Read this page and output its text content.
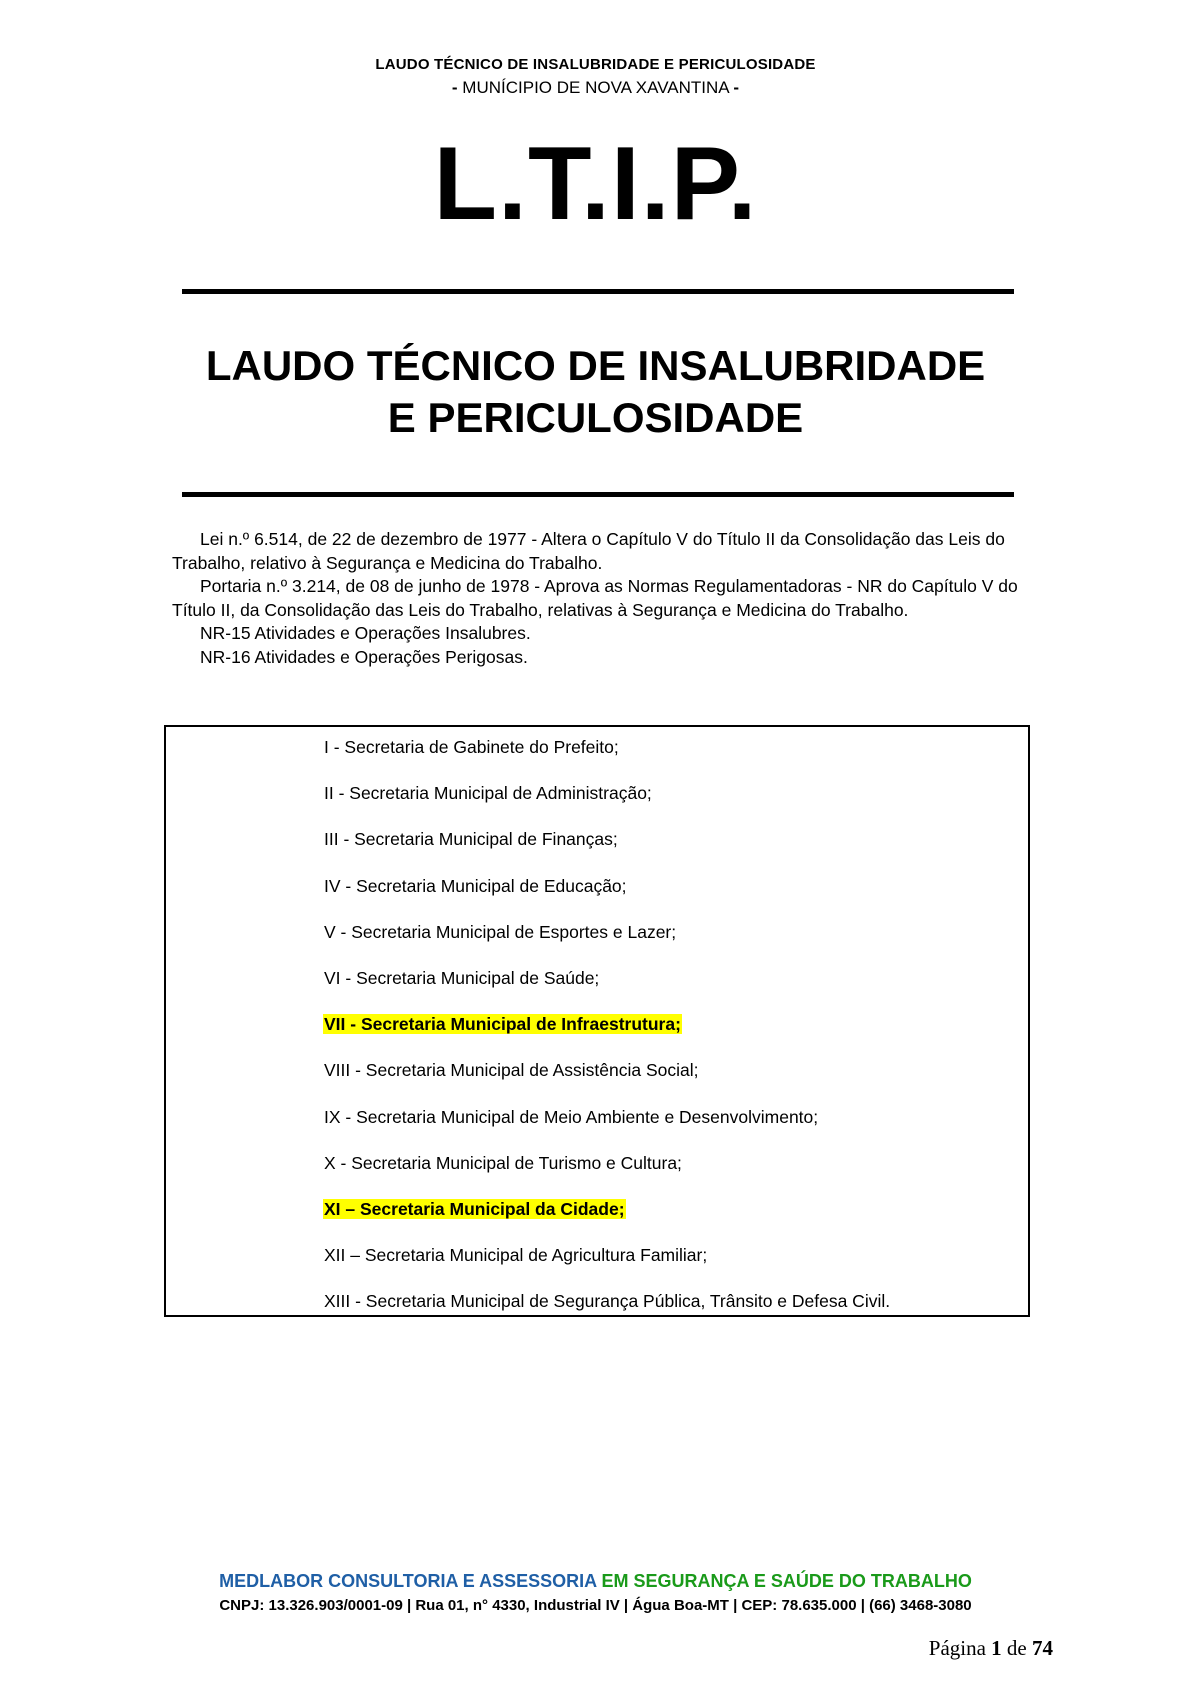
LAUDO TÉCNICO DE INSALUBRIDADE E PERICULOSIDADE
- MUNÍCIPIO DE NOVA XAVANTINA -
L.T.I.P.
LAUDO TÉCNICO DE INSALUBRIDADE
E PERICULOSIDADE

Lei n.º 6.514, de 22 de dezembro de 1977 - Altera o Capítulo V do Título II da Consolidação das Leis do Trabalho, relativo à Segurança e Medicina do Trabalho.

Portaria n.º 3.214, de 08 de junho de 1978 - Aprova as Normas Regulamentadoras - NR do Capítulo V do Título II, da Consolidação das Leis do Trabalho, relativas à Segurança e Medicina do Trabalho.

NR-15 Atividades e Operações Insalubres.

NR-16 Atividades e Operações Perigosas.

I - Secretaria de Gabinete do Prefeito;
II - Secretaria Municipal de Administração;
III - Secretaria Municipal de Finanças;
IV - Secretaria Municipal de Educação;
V - Secretaria Municipal de Esportes e Lazer;
VI - Secretaria Municipal de Saúde;
VII - Secretaria Municipal de Infraestrutura;
VIII - Secretaria Municipal de Assistência Social;
IX - Secretaria Municipal de Meio Ambiente e Desenvolvimento;
X - Secretaria Municipal de Turismo e Cultura;
XI – Secretaria Municipal da Cidade;
XII – Secretaria Municipal de Agricultura Familiar;
XIII - Secretaria Municipal de Segurança Pública, Trânsito e Defesa Civil.
MEDLABOR CONSULTORIA E ASSESSORIA EM SEGURANÇA E SAÚDE DO TRABALHO
CNPJ: 13.326.903/0001-09 | Rua 01, n° 4330, Industrial IV | Água Boa-MT | CEP: 78.635.000 | (66) 3468-3080
Página 1 de 74
